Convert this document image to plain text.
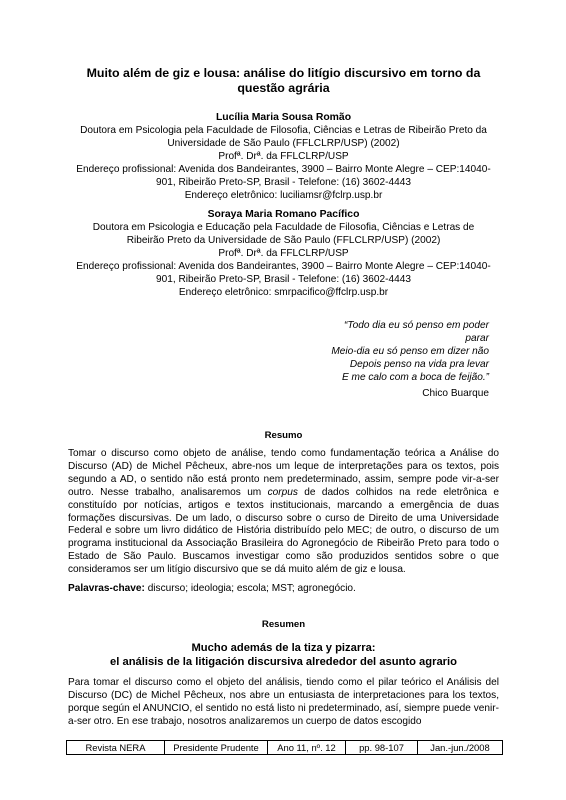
Muito além de giz e lousa: análise do litígio discursivo em torno da questão agrária
Lucília Maria Sousa Romão
Doutora em Psicologia pela Faculdade de Filosofia, Ciências e Letras de Ribeirão Preto da
Universidade de São Paulo (FFLCLRP/USP) (2002)
Profª. Drª. da FFLCLRP/USP
Endereço profissional: Avenida dos Bandeirantes, 3900 – Bairro Monte Alegre – CEP:14040-
901, Ribeirão Preto-SP, Brasil - Telefone: (16) 3602-4443
Endereço eletrônico: luciliamsr@fclrp.usp.br
Soraya Maria Romano Pacífico
Doutora em Psicologia e Educação pela Faculdade de Filosofia, Ciências e Letras de
Ribeirão Preto da Universidade de São Paulo (FFLCLRP/USP) (2002)
Profª. Drª. da FFLCLRP/USP
Endereço profissional: Avenida dos Bandeirantes, 3900 – Bairro Monte Alegre – CEP:14040-
901, Ribeirão Preto-SP, Brasil - Telefone: (16) 3602-4443
Endereço eletrônico: smrpacifico@ffclrp.usp.br
“Todo dia eu só penso em poder
parar
Meio-dia eu só penso em dizer não
Depois penso na vida pra levar
E me calo com a boca de feijão.”
Chico Buarque
Resumo
Tomar o discurso como objeto de análise, tendo como fundamentação teórica a Análise do Discurso (AD) de Michel Pêcheux, abre-nos um leque de interpretações para os textos, pois segundo a AD, o sentido não está pronto nem predeterminado, assim, sempre pode vir-a-ser outro. Nesse trabalho, analisaremos um corpus de dados colhidos na rede eletrônica e constituído por notícias, artigos e textos institucionais, marcando a emergência de duas formações discursivas. De um lado, o discurso sobre o curso de Direito de uma Universidade Federal e sobre um livro didático de História distribuído pelo MEC; de outro, o discurso de um programa institucional da Associação Brasileira do Agronegócio de Ribeirão Preto para todo o Estado de São Paulo. Buscamos investigar como são produzidos sentidos sobre o que consideramos ser um litígio discursivo que se dá muito além de giz e lousa.
Palavras-chave: discurso; ideologia; escola; MST; agronegócio.
Resumen
Mucho además de la tiza y pizarra:
el análisis de la litigación discursiva alrededor del asunto agrario
Para tomar el discurso como el objeto del análisis, tiendo como el pilar teórico el Análisis del Discurso (DC) de Michel Pêcheux, nos abre un entusiasta de interpretaciones para los textos, porque según el ANUNCIO, el sentido no está listo ni predeterminado, así, siempre puede venir-a-ser otro. En ese trabajo, nosotros analizaremos un cuerpo de datos escogido
Revista NERA	Presidente Prudente	Ano 11, nº. 12	pp. 98-107	Jan.-jun./2008
